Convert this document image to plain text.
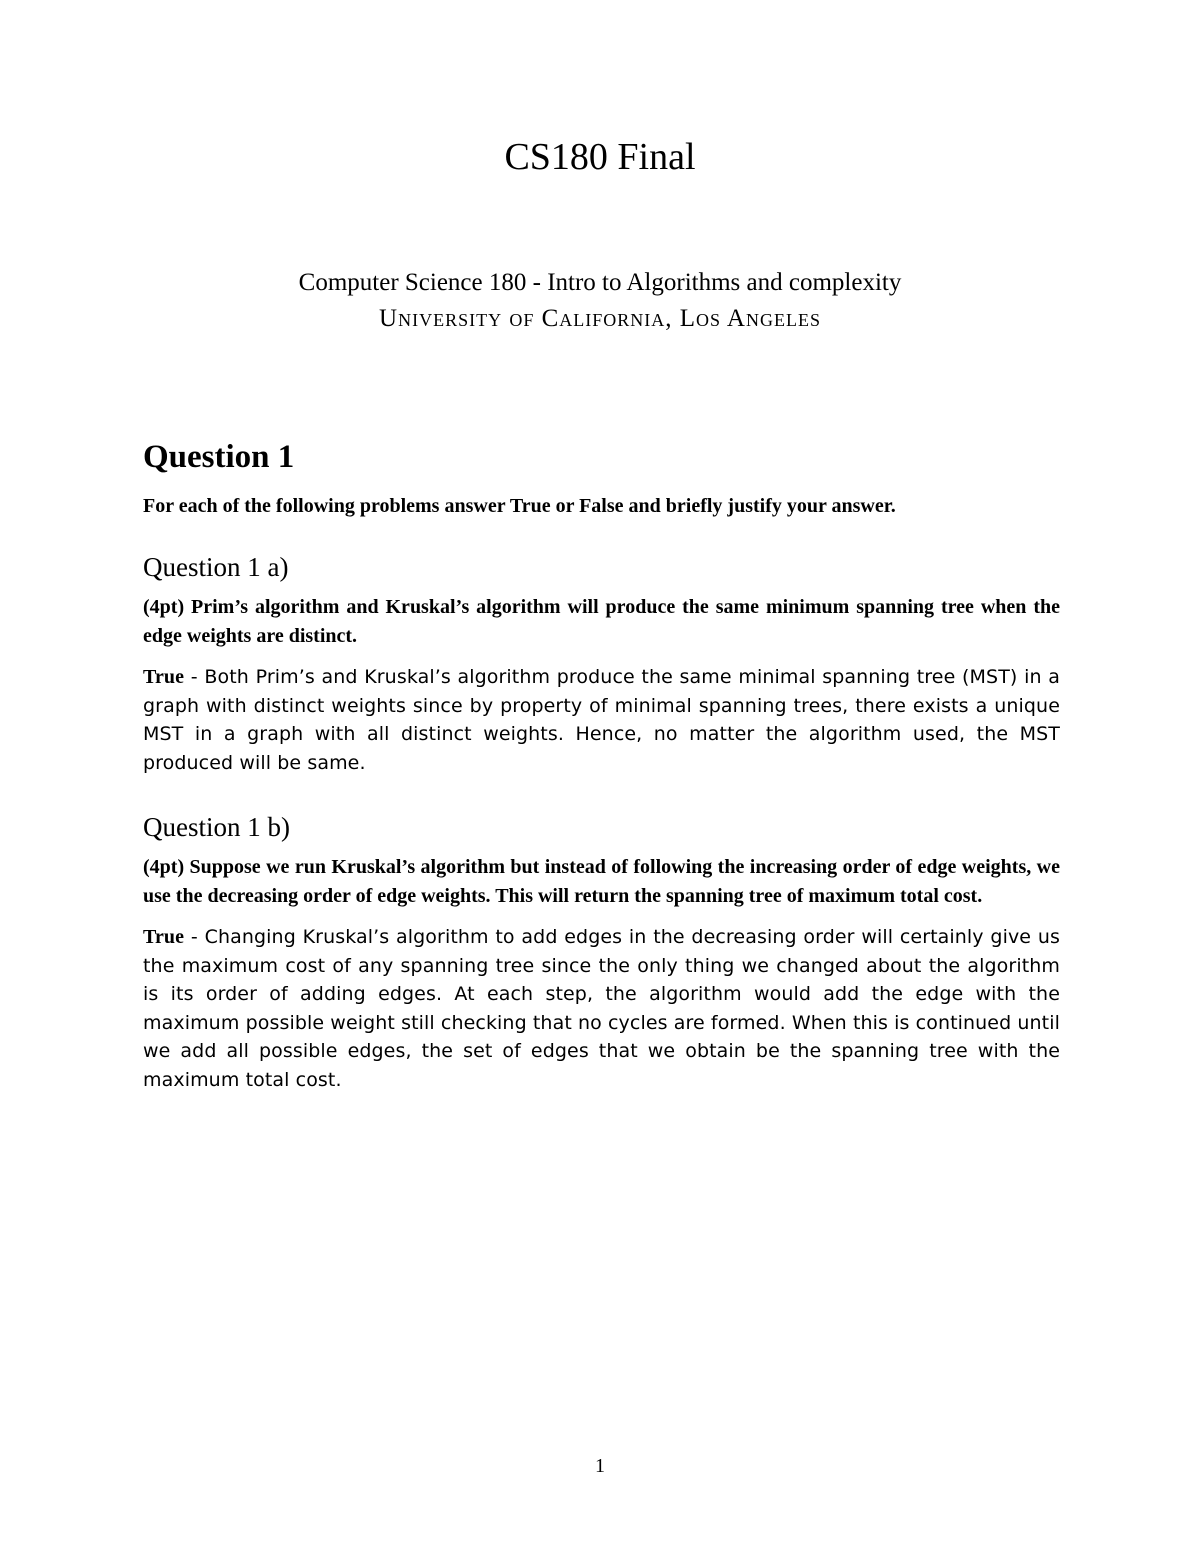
CS180 Final
Computer Science 180 - Intro to Algorithms and complexity
University of California, Los Angeles
Question 1

For each of the following problems answer True or False and briefly justify your answer.

Question 1 a)

(4pt) Prim’s algorithm and Kruskal’s algorithm will produce the same minimum spanning tree when the edge weights are distinct.

True - Both Prim’s and Kruskal’s algorithm produce the same minimal spanning tree (MST) in a graph with distinct weights since by property of minimal spanning trees, there exists a unique MST in a graph with all distinct weights. Hence, no matter the algorithm used, the MST produced will be same.

Question 1 b)

(4pt) Suppose we run Kruskal’s algorithm but instead of following the increasing order of edge weights, we use the decreasing order of edge weights. This will return the spanning tree of maximum total cost.

True - Changing Kruskal’s algorithm to add edges in the decreasing order will certainly give us the maximum cost of any spanning tree since the only thing we changed about the algorithm is its order of adding edges. At each step, the algorithm would add the edge with the maximum possible weight still checking that no cycles are formed. When this is continued until we add all possible edges, the set of edges that we obtain be the spanning tree with the maximum total cost.

1
